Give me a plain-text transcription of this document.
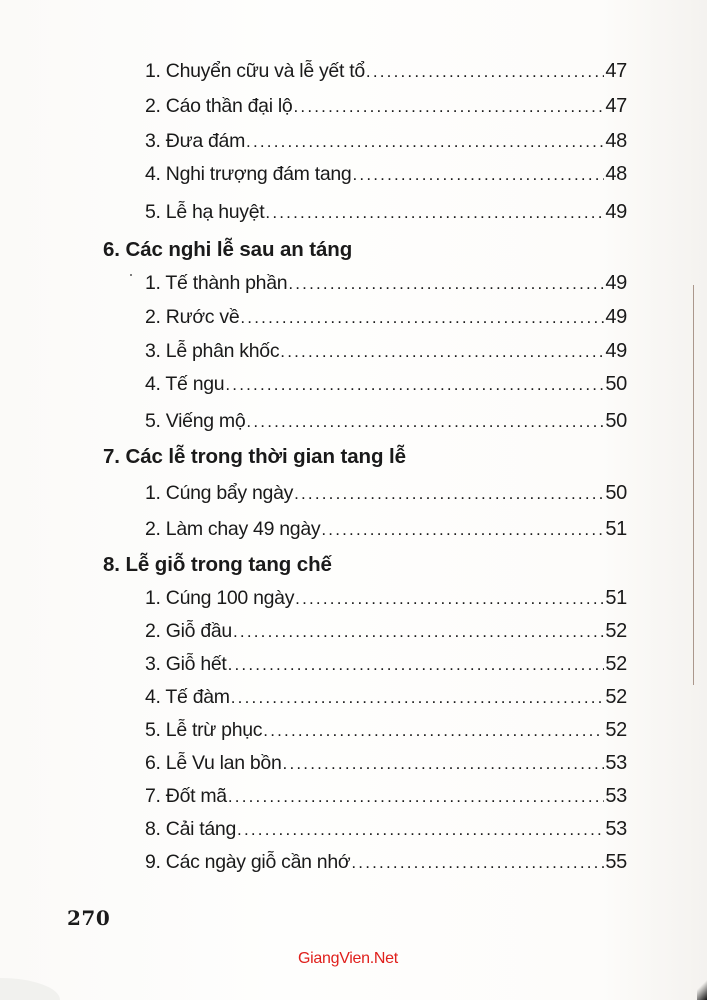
1. Chuyển cữu và lễ yết tổ .....	47
2. Cáo thần đại lộ .....	47
3. Đưa đám .....	48
4. Nghi trượng đám tang .....	48
5. Lễ hạ huyệt .....	49
6. Các nghi lễ sau an táng
1. Tế thành phần .....	49
2. Rước về .....	49
3. Lễ phân khốc .....	49
4. Tế ngu .....	50
5. Viếng mộ .....	50
7. Các lễ trong thời gian tang lễ
1. Cúng bẩy ngày .....	50
2. Làm chay 49 ngày .....	51
8. Lễ giỗ trong tang chế
1. Cúng 100 ngày .....	51
2. Giỗ đầu .....	52
3. Giỗ hết .....	52
4. Tế đàm .....	52
5. Lễ trừ phục .....	52
6. Lễ Vu lan bồn .....	53
7. Đốt mã .....	53
8. Cải táng .....	53
9. Các ngày giỗ cần nhớ .....	55
270
GiangVien.Net
